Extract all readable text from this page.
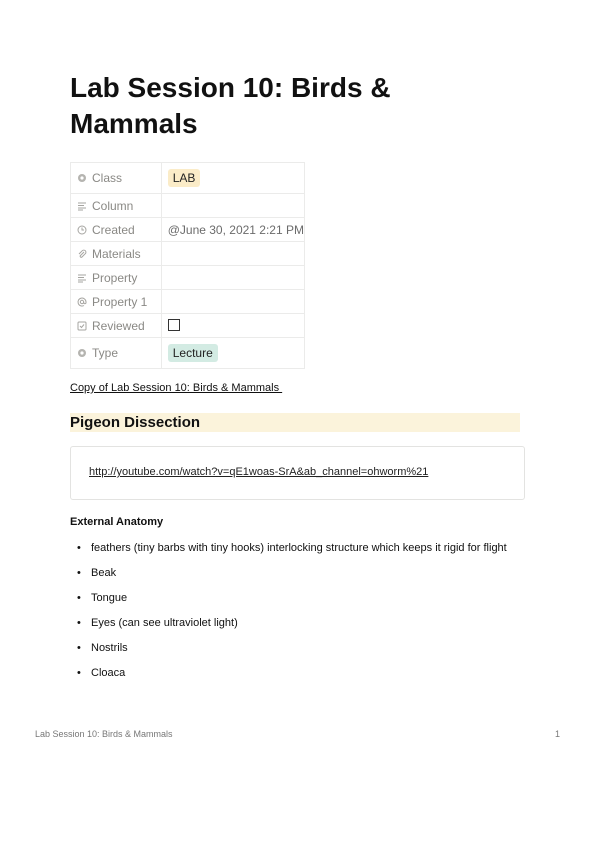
Lab Session 10: Birds & Mammals
Class	LAB
Column	
Created	@June 30, 2021 2:21 PM
Materials	
Property	
Property 1	
Reviewed	
Type	Lecture
Copy of Lab Session 10: Birds & Mammals
Pigeon Dissection
http://youtube.com/watch?v=qE1woas-SrA&ab_channel=ohworm%21
External Anatomy
• feathers (tiny barbs with tiny hooks) interlocking structure which keeps it rigid for flight
• Beak
• Tongue
• Eyes (can see ultraviolet light)
• Nostrils
• Cloaca
Lab Session 10: Birds & Mammals	1
